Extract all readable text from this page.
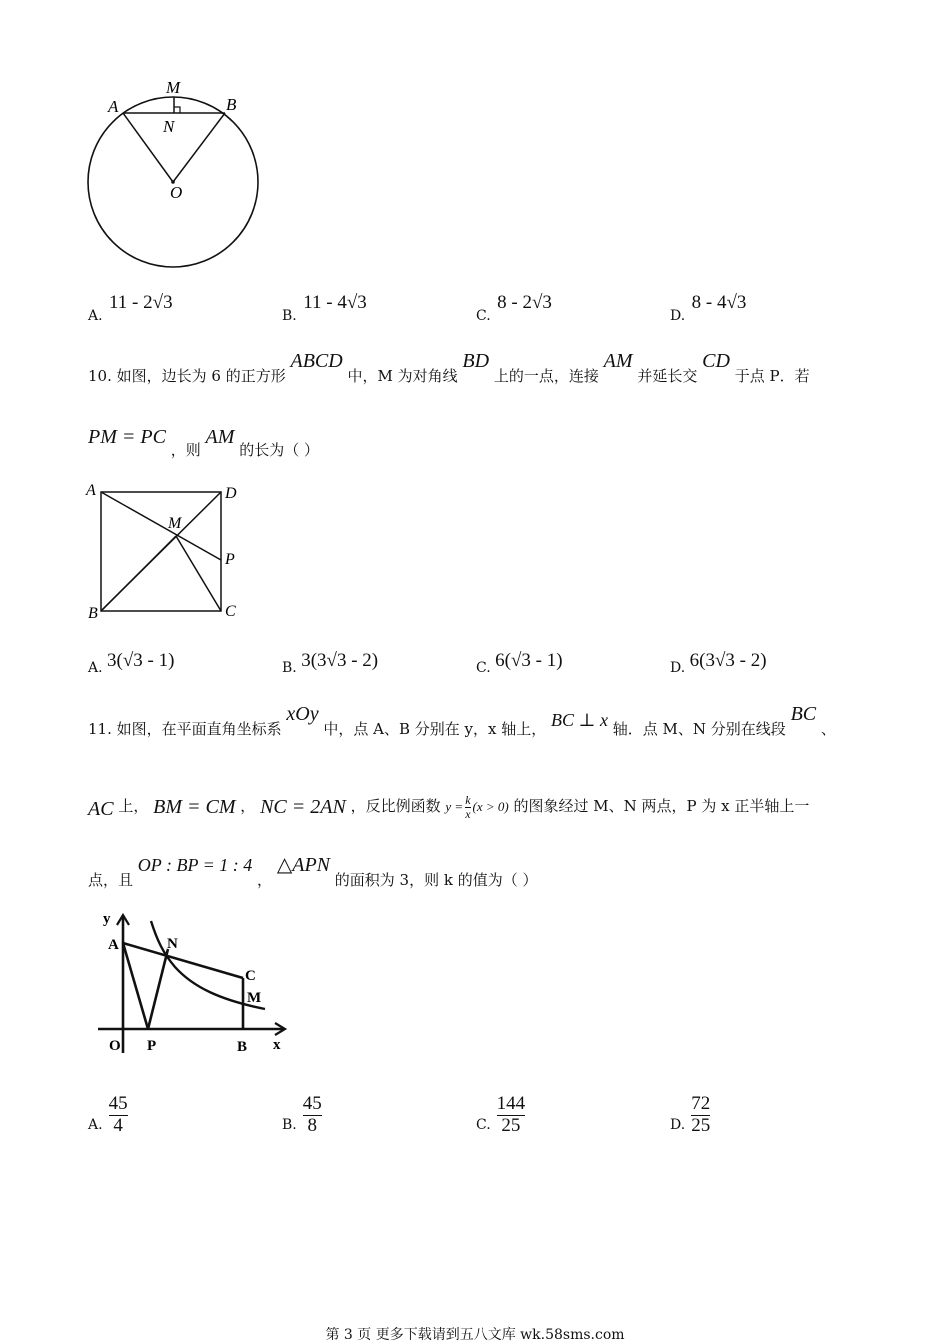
M
A	B
N
O
A. 11 - 2√3
B. 11 - 4√3
C. 8 - 2√3
D. 8 - 4√3
10. 如图，边长为 6 的正方形 ABCD 中，M 为对角线 BD 上的一点，连接 AM 并延长交 CD 于点 P．若
PM = PC ，则 AM 的长为（ ）
A	D
M
P
B	C
A. 3(√3 - 1)	B. 3(3√3 - 2)	C. 6(√3 - 1)	D. 6(3√3 - 2)
11. 如图，在平面直角坐标系 xOy 中，点 A、B 分别在 y，x 轴上， BC ⊥ x 轴．点 M、N 分别在线段 BC 、
AC 上， BM = CM ， NC = 2AN ，反比例函数 y = k
x (x > 0) 的图象经过 M、N 两点，P 为 x 正半轴上一
点，且 OP : BP = 1 : 4 ， △APN 的面积为 3，则 k 的值为（ ）
y
A	N
C
M
O P	B x
A. $\frac{45}{4}$	B. $\frac{45}{8}$	C. $\frac{144}{25}$	D. $\frac{72}{25}$
第 3 页 更多下载请到五八文库 wk.58sms.com
